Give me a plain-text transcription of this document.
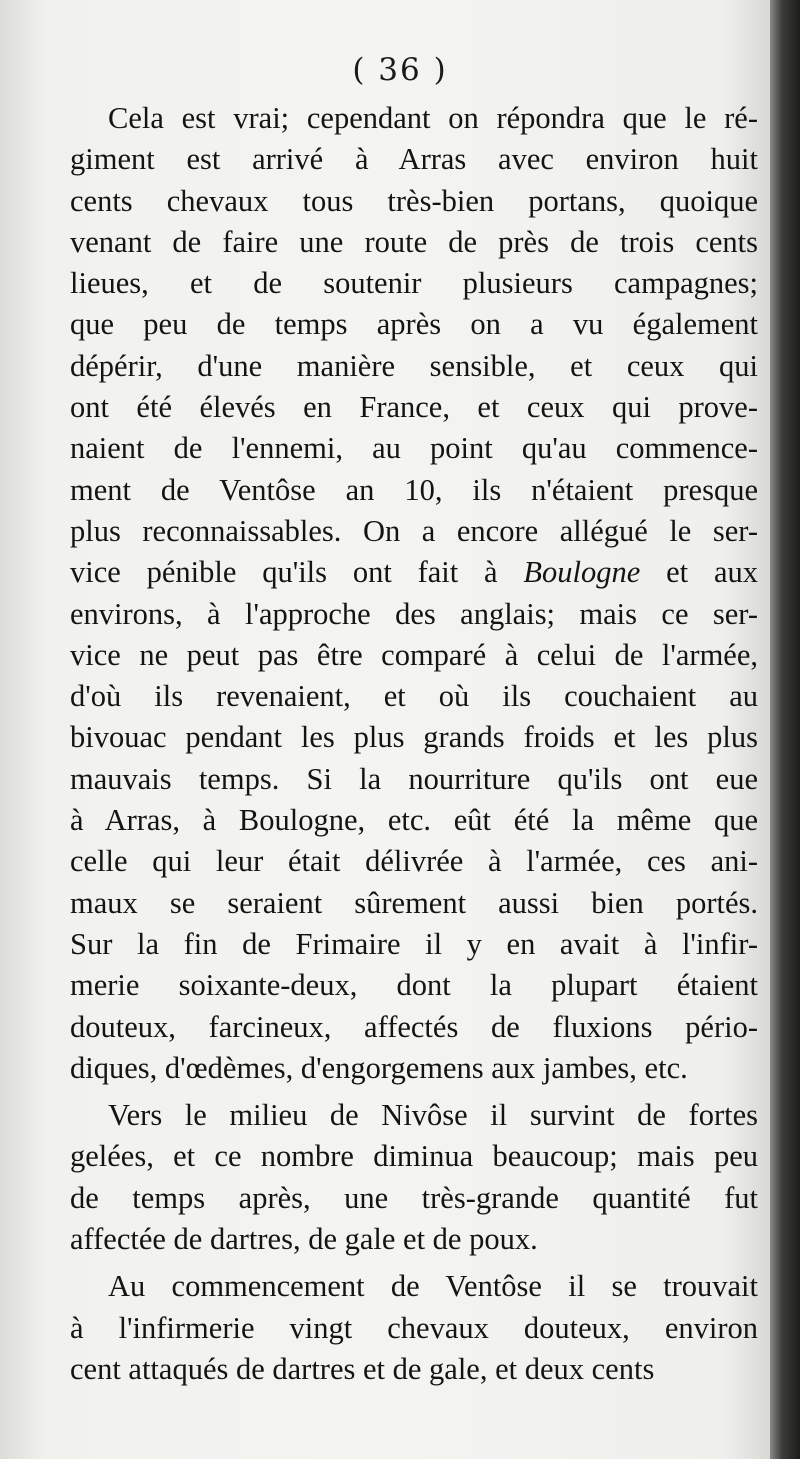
( 36 )
Cela est vrai; cependant on répondra que le ré-
giment est arrivé à Arras avec environ huit
cents chevaux tous très-bien portans, quoique
venant de faire une route de près de trois cents
lieues, et de soutenir plusieurs campagnes;
que peu de temps après on a vu également
dépérir, d'une manière sensible, et ceux qui
ont été élevés en France, et ceux qui prove-
naient de l'ennemi, au point qu'au commence-
ment de Ventôse an 10, ils n'étaient presque
plus reconnaissables. On a encore allégué le ser-
vice pénible qu'ils ont fait à Boulogne et aux
environs, à l'approche des anglais; mais ce ser-
vice ne peut pas être comparé à celui de l'armée,
d'où ils revenaient, et où ils couchaient au
bivouac pendant les plus grands froids et les plus
mauvais temps. Si la nourriture qu'ils ont eue
à Arras, à Boulogne, etc. eût été la même que
celle qui leur était délivrée à l'armée, ces ani-
maux se seraient sûrement aussi bien portés.
Sur la fin de Frimaire il y en avait à l'infir-
merie soixante-deux, dont la plupart étaient
douteux, farcineux, affectés de fluxions pério-
diques, d'œdèmes, d'engorgemens aux jambes, etc.
Vers le milieu de Nivôse il survint de fortes
gelées, et ce nombre diminua beaucoup; mais peu
de temps après, une très-grande quantité fut
affectée de dartres, de gale et de poux.
Au commencement de Ventôse il se trouvait
à l'infirmerie vingt chevaux douteux, environ
cent attaqués de dartres et de gale, et deux cents
